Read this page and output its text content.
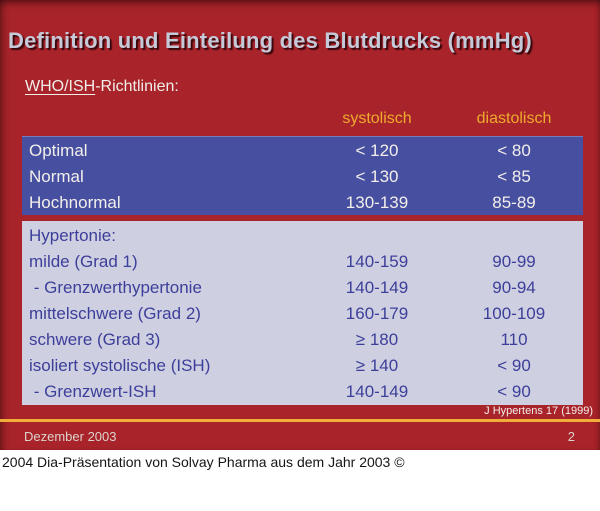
Definition und Einteilung des Blutdrucks (mmHg)
WHO/ISH-Richtlinien:
systolisch	diastolisch
Optimal	< 120	< 80
Normal	< 130	< 85
Hochnormal	130-139	85-89
Hypertonie:
milde (Grad 1)	140-159	90-99
- Grenzwerthypertonie	140-149	90-94
mittelschwere (Grad 2)	160-179	100-109
schwere (Grad 3)	≥ 180	110
isoliert systolische (ISH)	≥ 140	< 90
- Grenzwert-ISH	140-149	< 90
J Hypertens 17 (1999)
Dezember 2003	2
2004 Dia-Präsentation von Solvay Pharma aus dem Jahr 2003 ©
